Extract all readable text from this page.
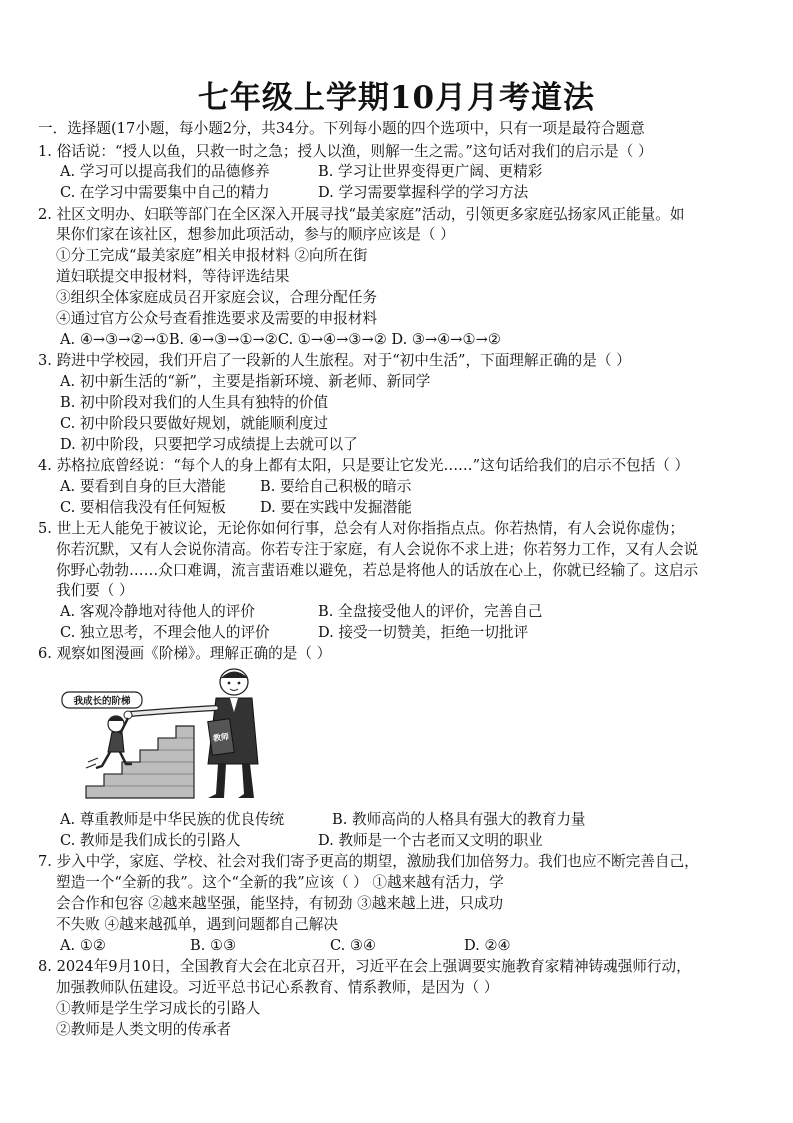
七年级上学期10月月考道法
一．选择题(17小题，每小题2分，共34分。下列每小题的四个选项中，只有一项是最符合题意
1. 俗话说：“授人以鱼，只救一时之急；授人以渔，则解一生之需。”这句话对我们的启示是（ ）
A. 学习可以提高我们的品德修养	B. 学习让世界变得更广阔、更精彩
C. 在学习中需要集中自己的精力	D. 学习需要掌握科学的学习方法
2. 社区文明办、妇联等部门在全区深入开展寻找“最美家庭”活动，引领更多家庭弘扬家风正能量。如
果你们家在该社区，想参加此项活动，参与的顺序应该是（ ）
①分工完成“最美家庭”相关申报材料 ②向所在街
道妇联提交申报材料，等待评选结果
③组织全体家庭成员召开家庭会议，合理分配任务
④通过官方公众号查看推选要求及需要的申报材料
A. ④→③→②→①B. ④→③→①→②C. ①→④→③→② D. ③→④→①→②
3. 跨进中学校园，我们开启了一段新的人生旅程。对于“初中生活”，下面理解正确的是（ ）
A. 初中新生活的“新”，主要是指新环境、新老师、新同学
B. 初中阶段对我们的人生具有独特的价值
C. 初中阶段只要做好规划，就能顺利度过
D. 初中阶段，只要把学习成绩提上去就可以了
4. 苏格拉底曾经说：“每个人的身上都有太阳，只是要让它发光……”这句话给我们的启示不包括（ ）
A. 要看到自身的巨大潜能 B. 要给自己积极的暗示
C. 要相信我没有任何短板 D. 要在实践中发掘潜能
5. 世上无人能免于被议论，无论你如何行事，总会有人对你指指点点。你若热情，有人会说你虚伪；
你若沉默，又有人会说你清高。你若专注于家庭，有人会说你不求上进；你若努力工作，又有人会说
你野心勃勃……众口难调，流言蜚语难以避免，若总是将他人的话放在心上，你就已经输了。这启示
我们要（ ）
A. 客观冷静地对待他人的评价	B. 全盘接受他人的评价，完善自己
C. 独立思考，不理会他人的评价	D. 接受一切赞美，拒绝一切批评
6. 观察如图漫画《阶梯》。理解正确的是（ ）
我成长的阶梯
教师
A. 尊重教师是中华民族的优良传统	B. 教师高尚的人格具有强大的教育力量
C. 教师是我们成长的引路人	D. 教师是一个古老而又文明的职业
7. 步入中学，家庭、学校、社会对我们寄予更高的期望，激励我们加倍努力。我们也应不断完善自己，
塑造一个“全新的我”。这个“全新的我”应该（ ） ①越来越有活力，学
会合作和包容 ②越来越坚强，能坚持，有韧劲 ③越来越上进，只成功
不失败 ④越来越孤单，遇到问题都自己解决
A. ①②	B. ①③	C. ③④	D. ②④
8. 2024年9月10日，全国教育大会在北京召开，习近平在会上强调要实施教育家精神铸魂强师行动，
加强教师队伍建设。习近平总书记心系教育、情系教师，是因为（ ）
①教师是学生学习成长的引路人
②教师是人类文明的传承者
